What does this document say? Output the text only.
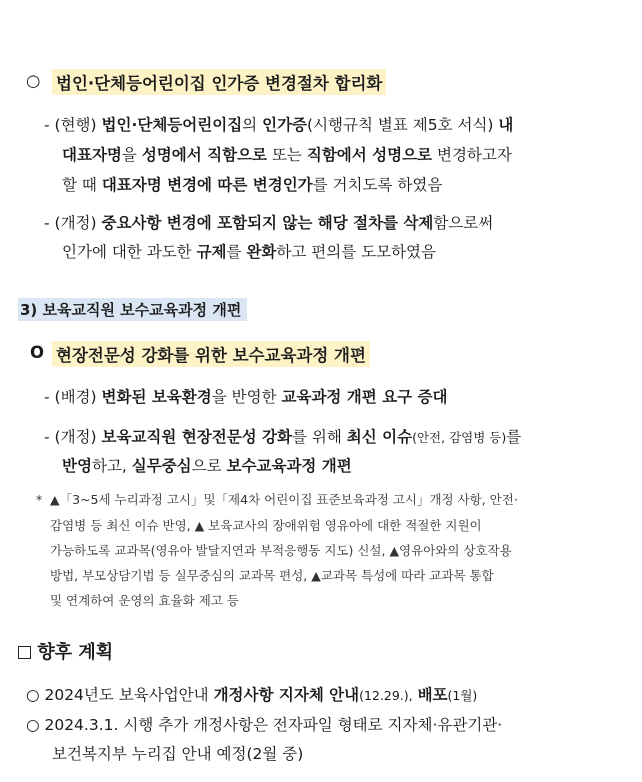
○ 법인·단체등어린이집 인가증 변경절차 합리화
- (현행) 법인·단체등어린이집의 인가증(시행규칙 별표 제5호 서식) 내
대표자명을 성명에서 직함으로 또는 직함에서 성명으로 변경하고자
할 때 대표자명 변경에 따른 변경인가를 거치도록 하였음
- (개정) 중요사항 변경에 포함되지 않는 해당 절차를 삭제함으로써
인가에 대한 과도한 규제를 완화하고 편의를 도모하였음
3) 보육교직원 보수교육과정 개편
O 현장전문성 강화를 위한 보수교육과정 개편
- (배경) 변화된 보육환경을 반영한 교육과정 개편 요구 증대
- (개정) 보육교직원 현장전문성 강화를 위해 최신 이슈(안전, 감염병 등)를
반영하고, 실무중심으로 보수교육과정 개편
* ▲「3~5세 누리과정 고시」및「제4차 어린이집 표준보육과정 고시」개정 사항, 안전·
감염병 등 최신 이슈 반영, ▲ 보육교사의 장애위험 영유아에 대한 적절한 지원이
가능하도록 교과목(영유아 발달지연과 부적응행동 지도) 신설, ▲영유아와의 상호작용
방법, 부모상담기법 등 실무중심의 교과목 편성, ▲교과목 특성에 따라 교과목 통합
및 연계하여 운영의 효율화 제고 등
향후 계획
○ 2024년도 보육사업안내 개정사항 지자체 안내(12.29.), 배포(1월)
○ 2024.3.1. 시행 추가 개정사항은 전자파일 형태로 지자체·유관기관·
보건복지부 누리집 안내 예정(2월 중)
